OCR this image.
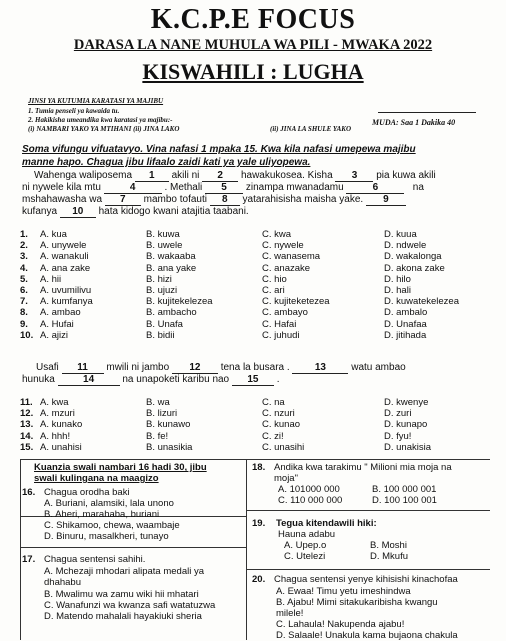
K.C.P.E FOCUS
DARASA LA NANE MUHULA WA PILI - MWAKA 2022
KISWAHILI : LUGHA
JINSI YA KUTUMIA KARATASI YA MAJIBU
1. Tumia penseli ya kawaida tu.
2. Hakikisha umeandika kwa karatasi ya majibu:-
(i) NAMBARI YAKO YA MTIHANI (ii) JINA LAKO	(ii) JINA LA SHULE YAKO
MUDA: Saa 1 Dakika 40
Soma vifungu vifuatavyo. Vina nafasi 1 mpaka 15. Kwa kila nafasi umepewa majibu
manne hapo. Chagua jibu lifaalo zaidi kati ya yale uliyopewa.
Wahenga waliposema 1 akili ni 2 hawakukosea. Kisha 3 pia kuwa akili
ni nywele kila mtu	4	. Methali 5 zinampa mwanadamu	6	na
mshahawasha wa 7 mambo tofauti 8 yatarahisisha maisha yake. 9
kufanya 10 hata kidogo kwani atajitia taabani.
1. A. kua	B. kuwa	C. kwa	D. kuua
2. A. unywele	B. uwele	C. nywele	D. ndwele
3. A. wanakuli	B. wakaaba	C. wanasema	D. wakalonga
4. A. ana zake	B. ana yake	C. anazake	D. akona zake
5. A. hii	B. hizi	C. hio	D. hilo
6. A. uvumilivu	B. ujuzi	C. ari	D. hali
7. A. kumfanya	B. kujitekelezea	C. kujiteketezea	D. kuwatekelezea
8. A. ambao	B. ambacho	C. ambayo	D. ambalo
9. A. Hufai	B. Unafa	C. Hafai	D. Unafaa
10. A. ajizi	B. bidii	C. juhudi	D. jitihada
Usafi 11 mwili ni jambo 12 tena la busara .	13	watu ambao
hunuka	14	na unapoketi karibu nao 15 .
11. A. kwa	B. wa	C. na	D. kwenye
12. A. mzuri	B. lizuri	C. nzuri	D. zuri
13. A. kunako	B. kunawo	C. kunao	D. kunapo
14. A. hhh!	B. fe!	C. zi!	D. fyu!
15. A. unahisi	B. unasikia	C. unasihi	D. unakisia
Kuanzia swali nambari 16 hadi 30, jibu
swali kulingana na maagizo
16. Chagua orodha baki
A. Buriani, alamsiki, lala unono
B. Aheri, marahaba, buriani
C. Shikamoo, chewa, waambaje
D. Binuru, masalkheri, tunayo
17. Chagua sentensi sahihi.
A. Mchezaji mhodari alipata medali ya
dhahabu
B. Mwalimu wa zamu wiki hii mhatari
C. Wanafunzi wa kwanza safi watatuzwa
D. Matendo mahalali hayakiuki sheria
18. Andika kwa tarakimu " Milioni mia moja na
moja"
A. 101000 000	B. 100 000 001
C. 110 000 000	D. 100 100 001
19. Tegua kitendawili hiki:
Hauna adabu
A. Upep.o	B. Moshi
C. Utelezi	D. Mkufu
20. Chagua sentensi yenye kihisishi kinachofaa
A. Ewaa! Timu yetu imeshindwa
B. Ajabu! Mimi sitakukaribisha kwangu
milele!
C. Lahaula! Nakupenda ajabu!
D. Salaale! Unakula kama bujaona chakula
